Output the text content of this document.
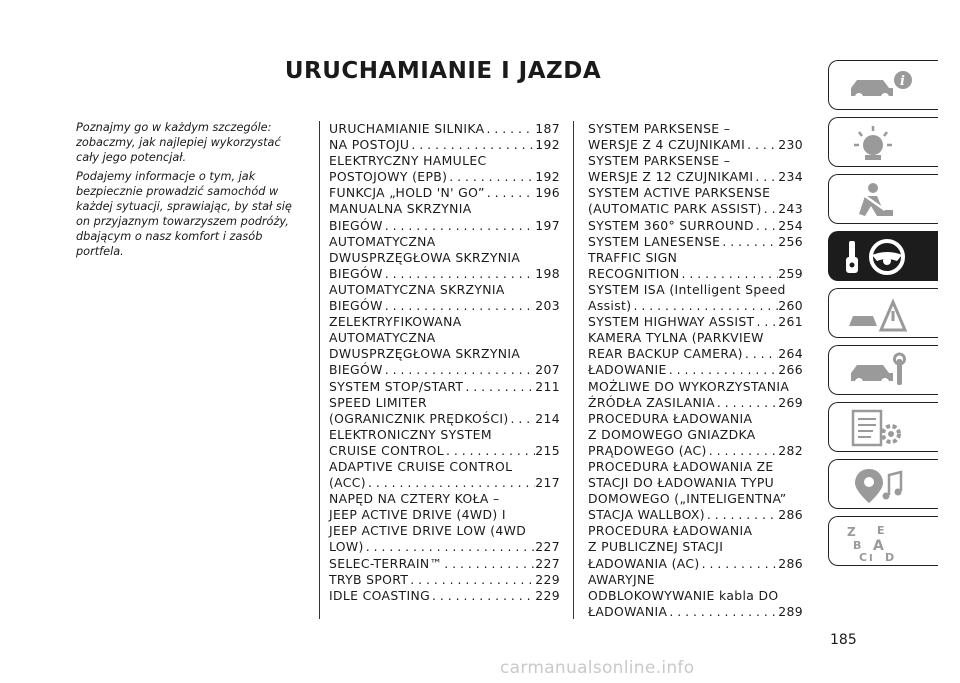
URUCHAMIANIE I JAZDA

Poznajmy go w każdym szczególe: zobaczmy, jak najlepiej wykorzystać cały jego potencjał.

Podajemy informacje o tym, jak bezpiecznie prowadzić samochód w każdej sytuacji, sprawiając, by stał się on przyjaznym towarzyszem podróży, dbającym o nasz komfort i zasób portfela.

URUCHAMIANIE SILNIKA . . .	187
NA POSTOJU . . .	192
ELEKTRYCZNY HAMULEC
POSTOJOWY (EPB) . . .	192
FUNKCJA „HOLD 'N' GO” . . .	196
MANUALNA SKRZYNIA
BIEGÓW . . .	197
AUTOMATYCZNA
DWUSPRZĘGŁOWA SKRZYNIA
BIEGÓW . . .	198
AUTOMATYCZNA SKRZYNIA
BIEGÓW . . .	203
ZELEKTRYFIKOWANA
AUTOMATYCZNA
DWUSPRZĘGŁOWA SKRZYNIA
BIEGÓW . . .	207
SYSTEM STOP/START . . .	211
SPEED LIMITER
(OGRANICZNIK PRĘDKOŚCI) . . . 214
ELEKTRONICZNY SYSTEM
CRUISE CONTROL . . .	215
ADAPTIVE CRUISE CONTROL
(ACC) . . .	217
NAPĘD NA CZTERY KOŁA –
JEEP ACTIVE DRIVE (4WD) I
JEEP ACTIVE DRIVE LOW (4WD
LOW) . . .	227
SELEC-TERRAIN™ . . .	227
TRYB SPORT . . .	229
IDLE COASTING . . .	229
SYSTEM PARKSENSE –
WERSJE Z 4 CZUJNIKAMI . . .	230
SYSTEM PARKSENSE –
WERSJE Z 12 CZUJNIKAMI . . . 234
SYSTEM ACTIVE PARKSENSE
(AUTOMATIC PARK ASSIST) . . . 243
SYSTEM 360° SURROUND . . . 254
SYSTEM LANESENSE . . .	256
TRAFFIC SIGN
RECOGNITION . . .	259
SYSTEM ISA (Intelligent Speed
Assist) . . .	260
SYSTEM HIGHWAY ASSIST . . . 261
KAMERA TYLNA (PARKVIEW
REAR BACKUP CAMERA) . . .	264
ŁADOWANIE . . .	266
MOŻLIWE DO WYKORZYSTANIA
ŹRÓDŁA ZASILANIA . . .	269
PROCEDURA ŁADOWANIA
Z DOMOWEGO GNIAZDKA
PRĄDOWEGO (AC) . . .	282
PROCEDURA ŁADOWANIA ZE
STACJI DO ŁADOWANIA TYPU
DOMOWEGO („INTELIGENTNA”
STACJA WALLBOX) . . .	286
PROCEDURA ŁADOWANIA
Z PUBLICZNEJ STACJI
ŁADOWANIA (AC) . . .	286
AWARYJNE
ODBLOKOWYWANIE kabla DO
ŁADOWANIA . . .	289
i
Z E
B A
C I D
185
carmanualsonline.info
